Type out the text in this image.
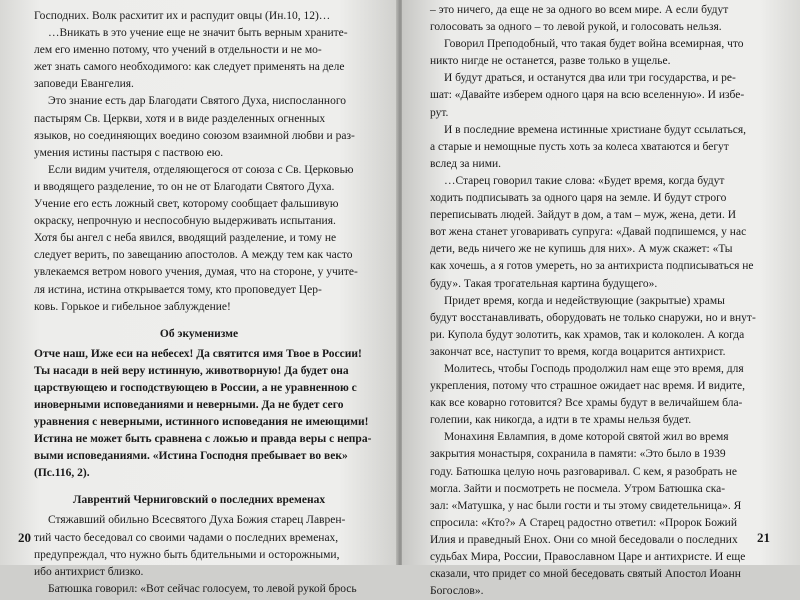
Господних. Волк расхитит их и распудит овцы (Ин.10, 12)…
…Вникать в это учение еще не значит быть верным храните-
лем его именно потому, что учений в отдельности и не мо-
жет знать самого необходимого: как следует применять на деле
заповеди Евангелия.
Это знание есть дар Благодати Святого Духа, ниспосланного
пастырям Св. Церкви, хотя и в виде разделенных огненных
языков, но соединяющих воедино союзом взаимной любви и раз-
умения истины пастыря с паствою ею.
Если видим учителя, отделяющегося от союза с Св. Церковью
и вводящего разделение, то он не от Благодати Святого Духа.
Учение его есть ложный свет, которому сообщает фальшивую
окраску, непрочную и неспособную выдерживать испытания.
Хотя бы ангел с неба явился, вводящий разделение, и тому не
следует верить, по завещанию апостолов. А между тем как часто
увлекаемся ветром нового учения, думая, что на стороне, у учите-
ля истина, истина открывается тому, кто проповедует Цер-
ковь. Горькое и гибельное заблуждение!
Об экуменизме
Отче наш, Иже еси на небесех! Да святится имя Твое в России!
Ты насади в ней веру истинную, животворную! Да будет она
царствующею и господствующею в России, а не уравненною с
иноверными исповеданиями и неверными. Да не будет сего
уравнения с неверными, истинного исповедания не имеющими!
Истина не может быть сравнена с ложью и правда веры с непра-
выми исповеданиями. «Истина Господня пребывает во век»
(Пс.116, 2).
Лаврентий Черниговский о последних временах
Стяжавший обильно Всесвятого Духа Божия старец Лаврен-
тий часто беседовал со своими чадами о последних временах,
предупреждал, что нужно быть бдительными и осторожными,
ибо антихрист близко.
Батюшка говорил: «Вот сейчас голосуем, то левой рукой брось
20
– это ничего, да еще не за одного во всем мире. А если будут
голосовать за одного – то левой рукой, и голосовать нельзя.
Говорил Преподобный, что такая будет война всемирная, что
никто нигде не останется, разве только в ущелье.
И будут драться, и останутся два или три государства, и ре-
шат: «Давайте изберем одного царя на всю вселенную». И избе-
рут.
И в последние времена истинные христиане будут ссылаться,
а старые и немощные пусть хоть за колеса хватаются и бегут
вслед за ними.
…Старец говорил такие слова: «Будет время, когда будут
ходить подписывать за одного царя на земле. И будут строго
переписывать людей. Зайдут в дом, а там – муж, жена, дети. И
вот жена станет уговаривать супруга: «Давай подпишемся, у нас
дети, ведь ничего же не купишь для них». А муж скажет: «Ты
как хочешь, а я готов умереть, но за антихриста подписываться не
буду». Такая трогательная картина будущего».
Придет время, когда и недействующие (закрытые) храмы
будут восстанавливать, оборудовать не только снаружи, но и внут-
ри. Купола будут золотить, как храмов, так и колоколен. А когда
закончат все, наступит то время, когда воцарится антихрист.
Молитесь, чтобы Господь продолжил нам еще это время, для
укрепления, потому что страшное ожидает нас время. И видите,
как все коварно готовится? Все храмы будут в величайшем бла-
голепии, как никогда, а идти в те храмы нельзя будет.
Монахиня Евлампия, в доме которой святой жил во время
закрытия монастыря, сохранила в памяти: «Это было в 1939
году. Батюшка целую ночь разговаривал. С кем, я разобрать не
могла. Зайти и посмотреть не посмела. Утром Батюшка ска-
зал: «Матушка, у нас были гости и ты этому свидетельница». Я
спросила: «Кто?» А Старец радостно ответил: «Пророк Божий
Илия и праведный Енох. Они со мной беседовали о последних
судьбах Мира, России, Православном Царе и антихристе. И еще
сказали, что придет со мной беседовать святый Апостол Иоанн
Богослов».
21
